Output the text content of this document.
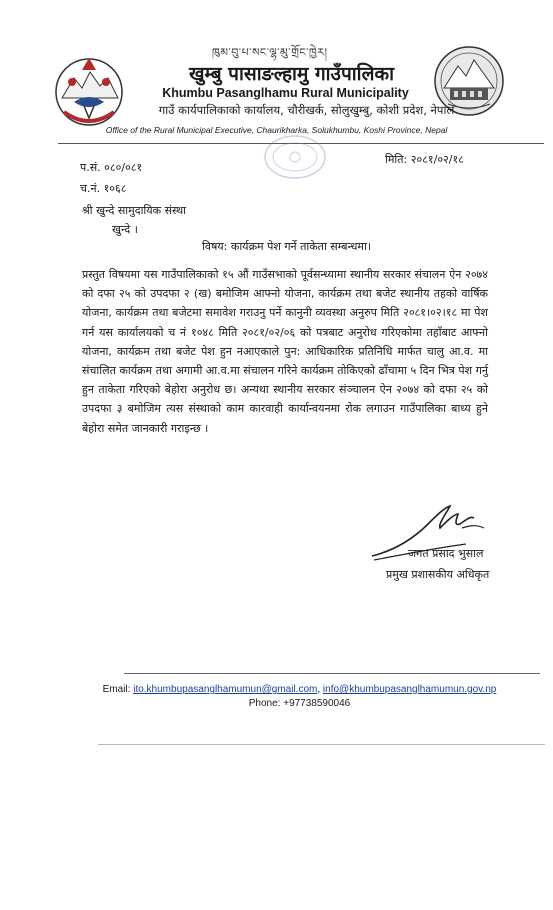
ཁུམ་བུ་པ་སང་ལྷ་མུ་གྲོང་ཁྱེར།
खुम्बु पासाङल्हामु गाउँपालिका
Khumbu Pasanglhamu Rural Municipality
गाउँ कार्यपालिकाको कार्यालय, चौरीखर्क, सोलुखुम्बु, कोशी प्रदेश, नेपाल
Office of the Rural Municipal Executive, Chaurikharka, Solukhumbu, Koshi Province, Nepal
प.सं. ०८०/०८१
च.नं. १०६८
मिति: २०८१/०२/१८
श्री खुन्दे सामुदायिक संस्था
खुन्दे ।
विषय: कार्यक्रम पेश गर्ने ताकेता सम्बन्धमा।
प्रस्तुत विषयमा यस गाउँपालिकाको १५ औं गाउँसभाको पूर्वसन्ध्यामा स्थानीय सरकार संचालन ऐन २०७४ को दफा २५ को उपदफा २ (ख) बमोजिम आफ्नो योजना, कार्यक्रम तथा बजेट स्थानीय तहको वार्षिक योजना, कार्यक्रम तथा बजेटमा समावेश गराउनु पर्ने कानुनी व्यवस्था अनुरुप मिति २०८१।०२।१८ मा पेश गर्न यस कार्यालयको च नं १०४८ मिति २०८१/०२/०६ को पत्रबाट अनुरोध गरिएकोमा तहाँबाट आफ्नो योजना, कार्यक्रम तथा बजेट पेश हुन नआएकाले पुन: आधिकारिक प्रतिनिधि मार्फत चालु आ.व. मा संचालित कार्यक्रम तथा अगामी आ.व.मा संचालन गरिने कार्यक्रम तोकिएको ढाँचामा ५ दिन भित्र पेश गर्नु हुन ताकेता गरिएको बेहोरा अनुरोध छ। अन्यथा स्थानीय सरकार संञ्चालन ऐन २०७४ को दफा २५ को उपदफा ३ बमोजिम त्यस संस्थाको काम कारवाही कार्यान्वयनमा रोक लगाउन गाउँपालिका बाध्य हुने बेहोरा समेत जानकारी गराइन्छ ।
जगत प्रसाद भुसाल
प्रमुख प्रशासकीय अधिकृत
Email: ito.khumbupasanglhamumun@gmail.com, info@khumbupasanglhamumun.gov.np
Phone: +97738590046
